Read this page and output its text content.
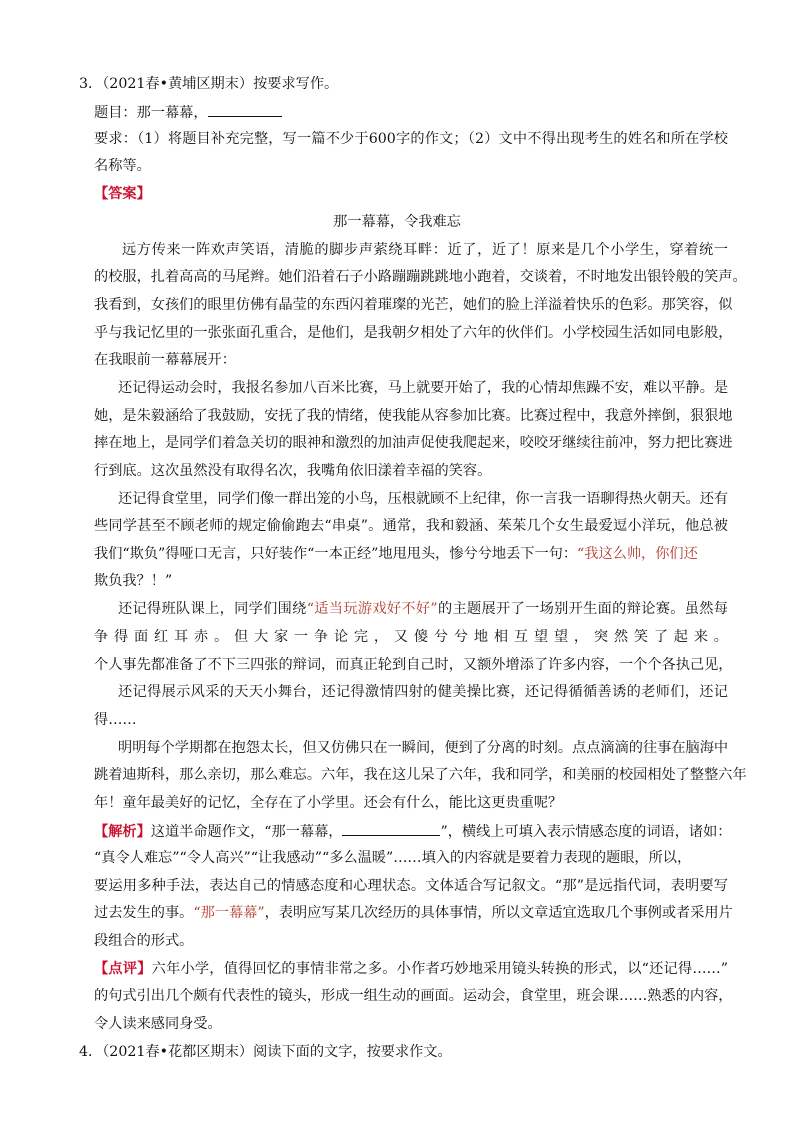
3．（2021春•黄埔区期末）按要求写作。
题目：那一幕幕，
要求：（1）将题目补充完整，写一篇不少于600字的作文；（2）文中不得出现考生的姓名和所在学校
名称等。
【答案】
那一幕幕，令我难忘
远方传来一阵欢声笑语，清脆的脚步声萦绕耳畔：近了，近了！原来是几个小学生，穿着统一
的校服，扎着高高的马尾辫。她们沿着石子小路蹦蹦跳跳地小跑着，交谈着，不时地发出银铃般的笑声。
我看到，女孩们的眼里仿佛有晶莹的东西闪着璀璨的光芒，她们的脸上洋溢着快乐的色彩。那笑容，似
乎与我记忆里的一张张面孔重合，是他们，是我朝夕相处了六年的伙伴们。小学校园生活如同电影般，
在我眼前一幕幕展开：
还记得运动会时，我报名参加八百米比赛，马上就要开始了，我的心情却焦躁不安，难以平静。是
她，是朱毅涵给了我鼓励，安抚了我的情绪，使我能从容参加比赛。比赛过程中，我意外摔倒，狠狠地
摔在地上，是同学们着急关切的眼神和激烈的加油声促使我爬起来，咬咬牙继续往前冲，努力把比赛进
行到底。这次虽然没有取得名次，我嘴角依旧漾着幸福的笑容。
还记得食堂里，同学们像一群出笼的小鸟，压根就顾不上纪律，你一言我一语聊得热火朝天。还有
些同学甚至不顾老师的规定偷偷跑去“串桌”。通常，我和毅涵、茱茱几个女生最爱逗小洋玩，他总被
我们“欺负”得哑口无言，只好装作“一本正经”地甩甩头，惨兮兮地丢下一句：“我这么帅，你们还
欺负我？！”
还记得班队课上，同学们围绕“适当玩游戏好不好”的主题展开了一场别开生面的辩论赛。虽然每
争得面红耳赤。但大家一争论完，又傻兮兮地相互望望，突然笑了起来。
个人事先都准备了不下三四张的辩词，而真正轮到自己时，又额外增添了许多内容，一个个各执己见，
还记得展示风采的天天小舞台，还记得激情四射的健美操比赛，还记得循循善诱的老师们，还记
得……
明明每个学期都在抱怨太长，但又仿佛只在一瞬间，便到了分离的时刻。点点滴滴的往事在脑海中
跳着迪斯科，那么亲切，那么难忘。六年，我在这儿呆了六年，我和同学，和美丽的校园相处了整整六年
年！童年最美好的记忆，全存在了小学里。还会有什么，能比这更贵重呢？
【解析】这道半命题作文，“那一幕幕，	”，横线上可填入表示情感态度的词语，诸如：
“真令人难忘”“令人高兴”“让我感动”“多么温暖”……填入的内容就是要着力表现的题眼，所以，
要运用多种手法，表达自己的情感态度和心理状态。文体适合写记叙文。“那”是远指代词，表明要写
过去发生的事。“那一幕幕”，表明应写某几次经历的具体事情，所以文章适宜选取几个事例或者采用片
段组合的形式。
【点评】六年小学，值得回忆的事情非常之多。小作者巧妙地采用镜头转换的形式，以“还记得……”
的句式引出几个颇有代表性的镜头，形成一组生动的画面。运动会，食堂里，班会课……熟悉的内容，
令人读来感同身受。
4．（2021春•花都区期末）阅读下面的文字，按要求作文。
